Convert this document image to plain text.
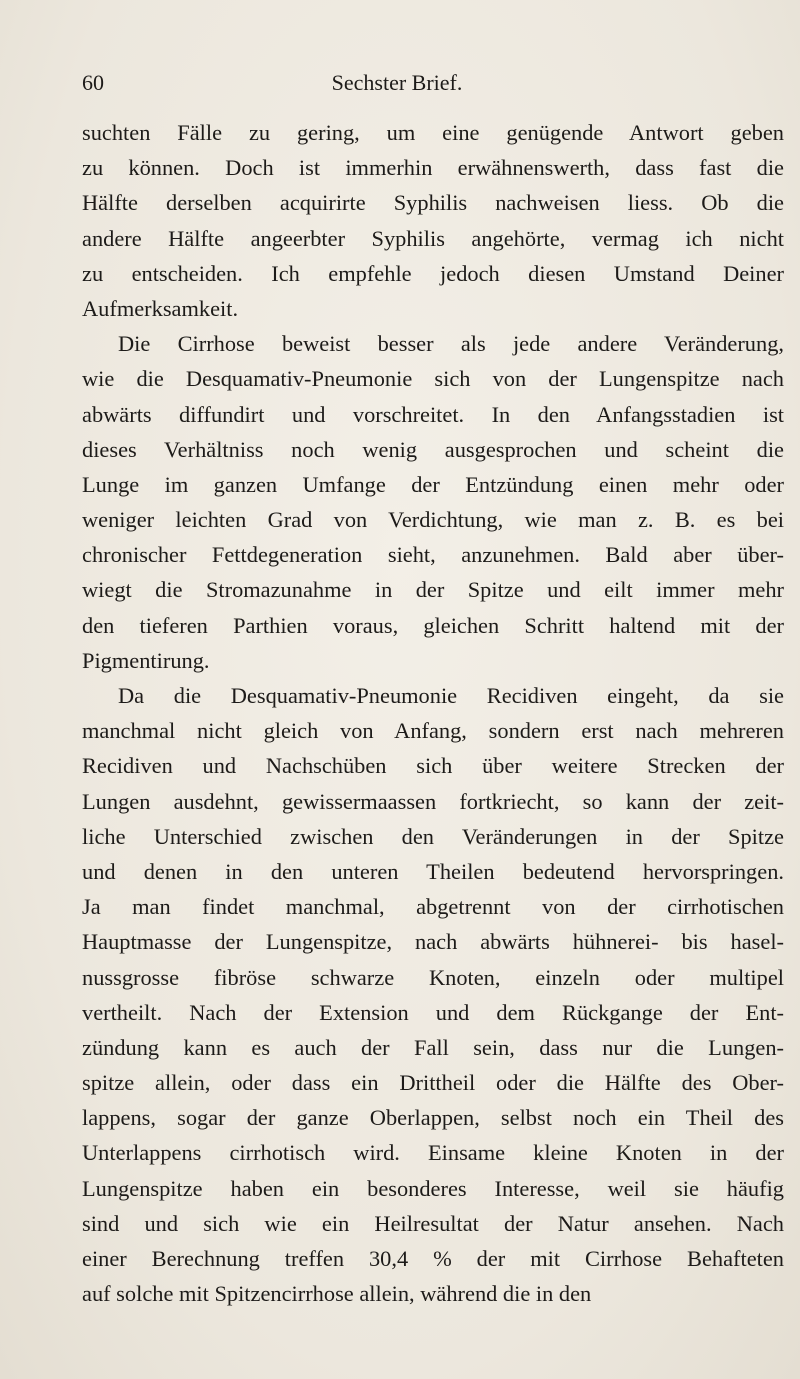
60	Sechster Brief.
suchten Fälle zu gering, um eine genügende Antwort geben
zu können. Doch ist immerhin erwähnenswerth, dass fast die
Hälfte derselben acquirirte Syphilis nachweisen liess. Ob die
andere Hälfte angeerbter Syphilis angehörte, vermag ich nicht
zu entscheiden. Ich empfehle jedoch diesen Umstand Deiner
Aufmerksamkeit.
Die Cirrhose beweist besser als jede andere Veränderung,
wie die Desquamativ-Pneumonie sich von der Lungenspitze nach
abwärts diffundirt und vorschreitet. In den Anfangsstadien ist
dieses Verhältniss noch wenig ausgesprochen und scheint die
Lunge im ganzen Umfange der Entzündung einen mehr oder
weniger leichten Grad von Verdichtung, wie man z. B. es bei
chronischer Fettdegeneration sieht, anzunehmen. Bald aber über-
wiegt die Stromazunahme in der Spitze und eilt immer mehr
den tieferen Parthien voraus, gleichen Schritt haltend mit der
Pigmentirung.
Da die Desquamativ-Pneumonie Recidiven eingeht, da sie
manchmal nicht gleich von Anfang, sondern erst nach mehreren
Recidiven und Nachschüben sich über weitere Strecken der
Lungen ausdehnt, gewissermaassen fortkriecht, so kann der zeit-
liche Unterschied zwischen den Veränderungen in der Spitze
und denen in den unteren Theilen bedeutend hervorspringen.
Ja man findet manchmal, abgetrennt von der cirrhotischen
Hauptmasse der Lungenspitze, nach abwärts hühnerei- bis hasel-
nussgrosse fibröse schwarze Knoten, einzeln oder multipel
vertheilt. Nach der Extension und dem Rückgange der Ent-
zündung kann es auch der Fall sein, dass nur die Lungen-
spitze allein, oder dass ein Drittheil oder die Hälfte des Ober-
lappens, sogar der ganze Oberlappen, selbst noch ein Theil des
Unterlappens cirrhotisch wird. Einsame kleine Knoten in der
Lungenspitze haben ein besonderes Interesse, weil sie häufig
sind und sich wie ein Heilresultat der Natur ansehen. Nach
einer Berechnung treffen 30,4 % der mit Cirrhose Behafteten
auf solche mit Spitzencirrhose allein, während die in den
